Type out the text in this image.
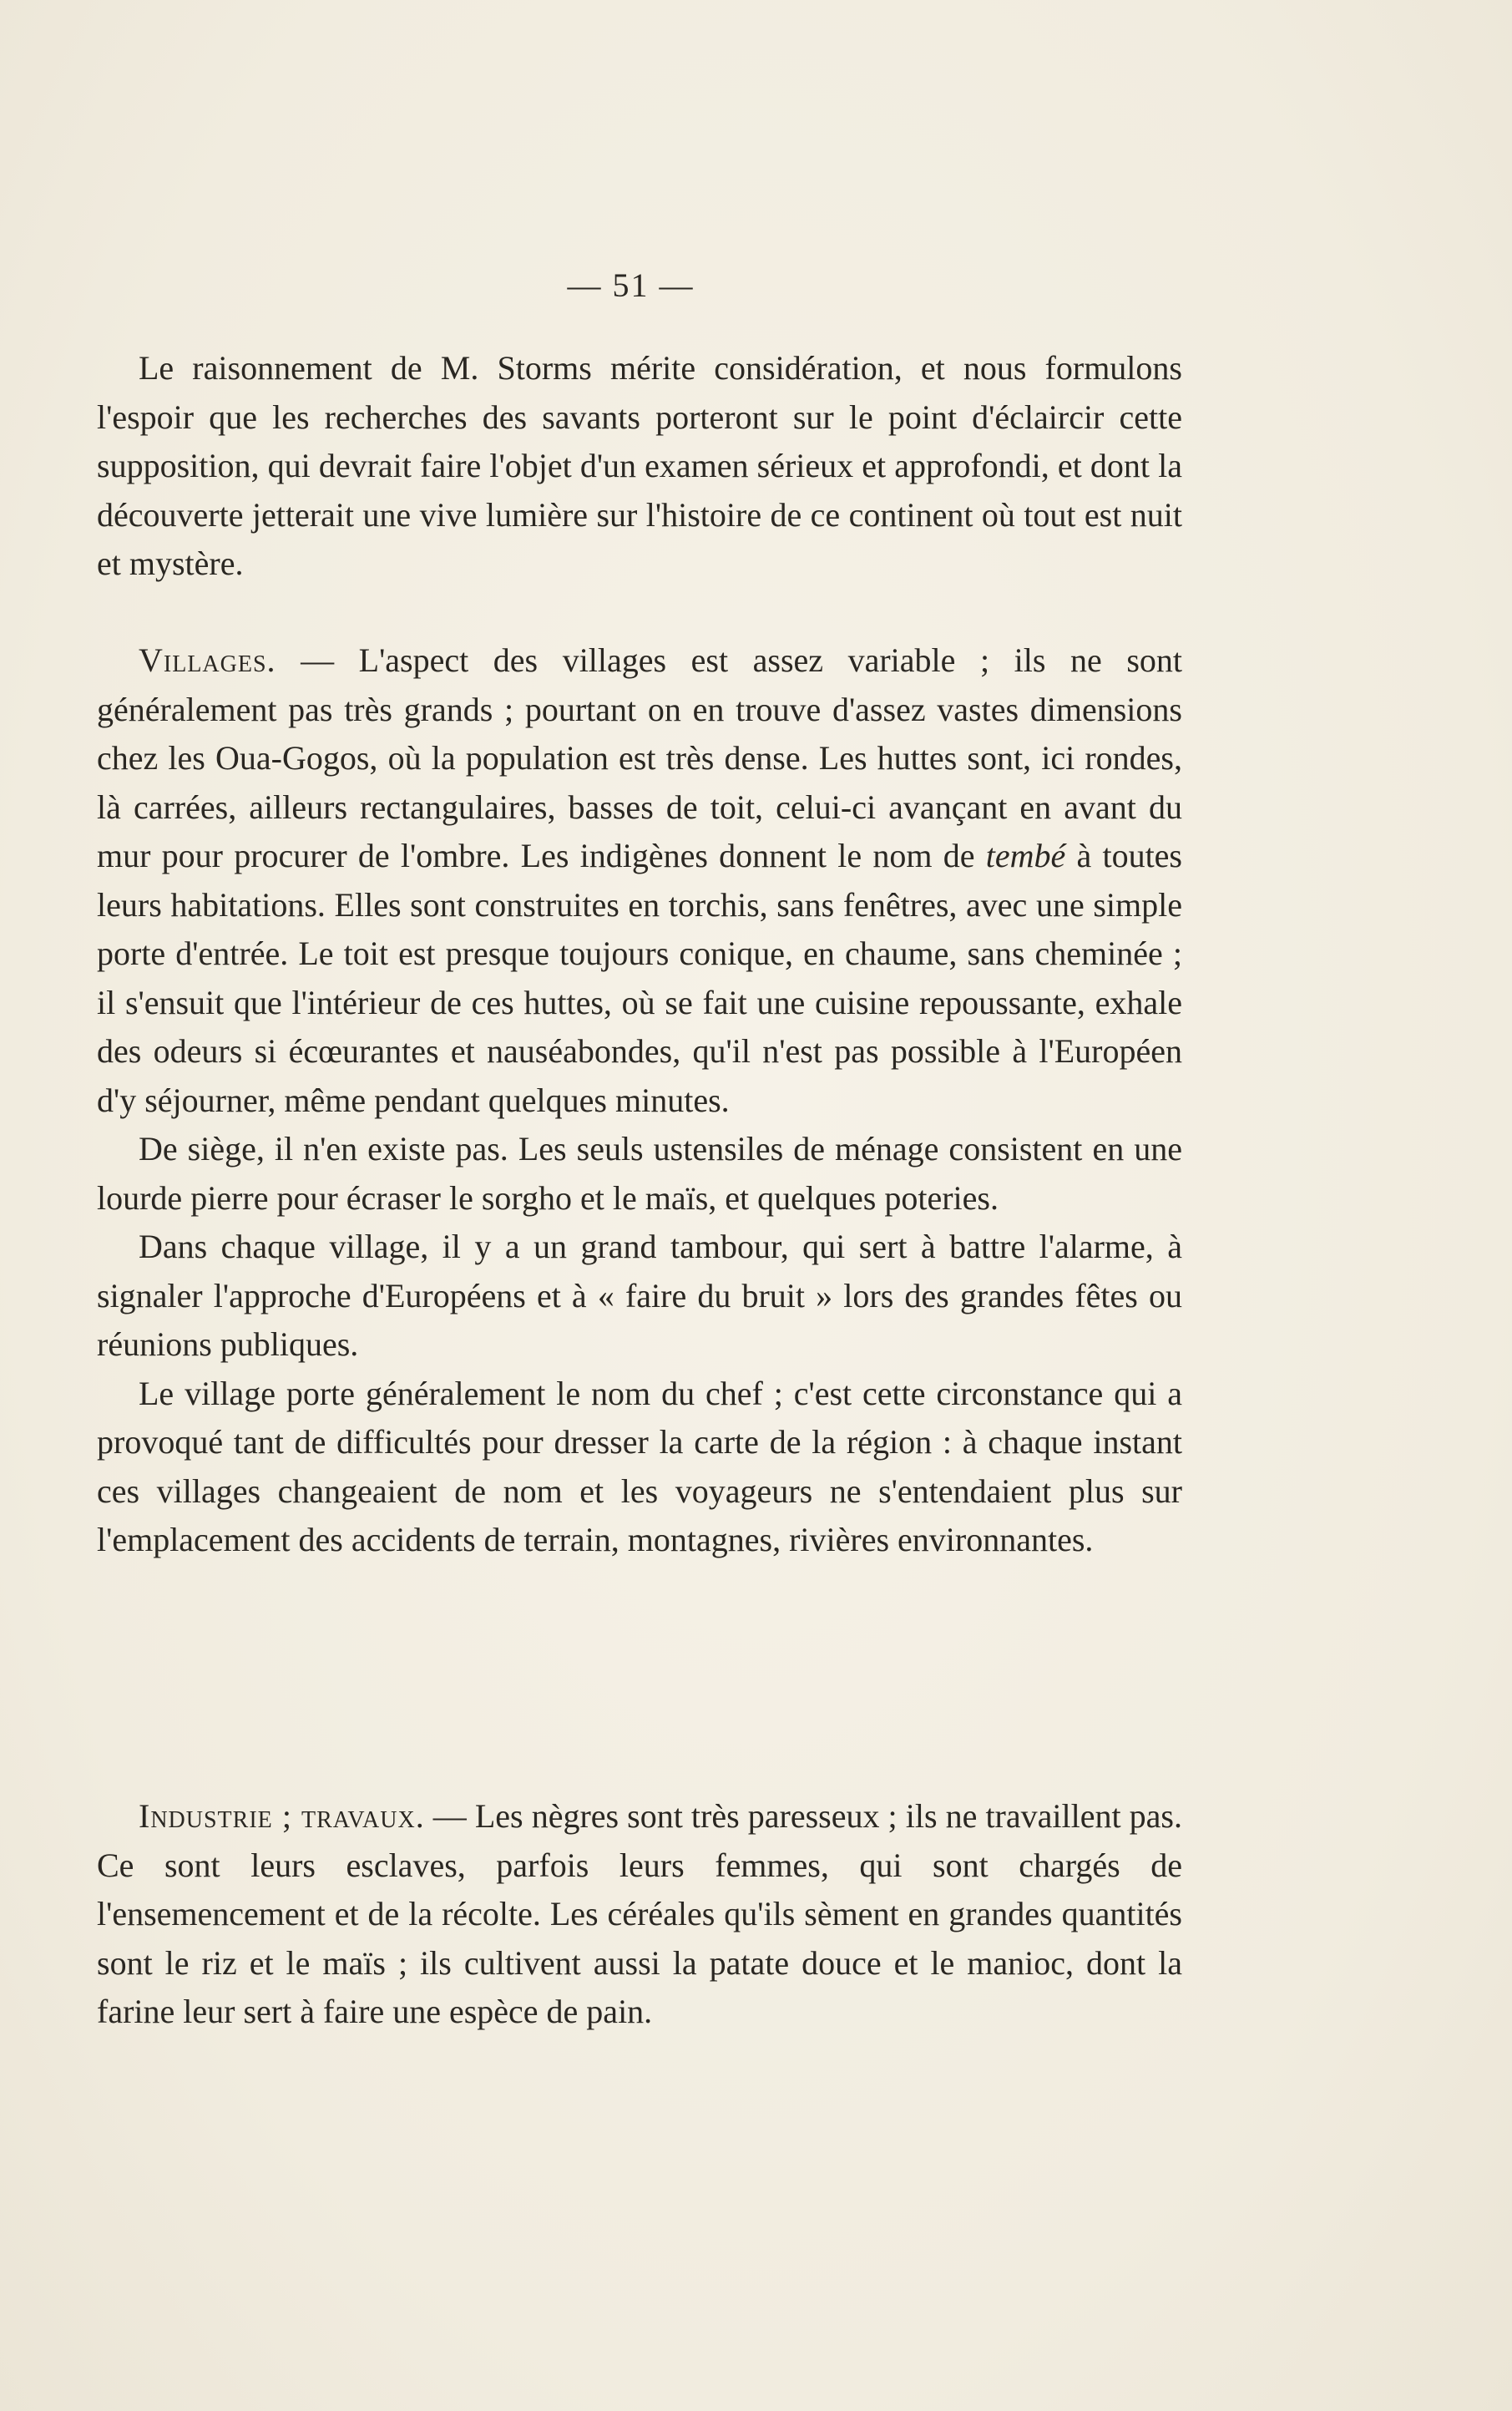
— 51 —

Le raisonnement de M. Storms mérite considération, et nous formulons l'espoir que les recherches des savants porteront sur le point d'éclaircir cette supposition, qui devrait faire l'objet d'un examen sérieux et approfondi, et dont la découverte jetterait une vive lumière sur l'histoire de ce continent où tout est nuit et mystère.

Villages. — L'aspect des villages est assez variable ; ils ne sont généralement pas très grands ; pourtant on en trouve d'assez vastes dimensions chez les Oua-Gogos, où la population est très dense. Les huttes sont, ici rondes, là carrées, ailleurs rectangulaires, basses de toit, celui-ci avançant en avant du mur pour procurer de l'ombre. Les indigènes donnent le nom de tembé à toutes leurs habitations. Elles sont construites en torchis, sans fenêtres, avec une simple porte d'entrée. Le toit est presque toujours conique, en chaume, sans cheminée ; il s'ensuit que l'intérieur de ces huttes, où se fait une cuisine repoussante, exhale des odeurs si écœurantes et nauséabondes, qu'il n'est pas possible à l'Européen d'y séjourner, même pendant quelques minutes.

De siège, il n'en existe pas. Les seuls ustensiles de ménage consistent en une lourde pierre pour écraser le sorgho et le maïs, et quelques poteries.

Dans chaque village, il y a un grand tambour, qui sert à battre l'alarme, à signaler l'approche d'Européens et à « faire du bruit » lors des grandes fêtes ou réunions publiques.

Le village porte généralement le nom du chef ; c'est cette circonstance qui a provoqué tant de difficultés pour dresser la carte de la région : à chaque instant ces villages changeaient de nom et les voyageurs ne s'entendaient plus sur l'emplacement des accidents de terrain, montagnes, rivières environnantes.

Industrie ; travaux. — Les nègres sont très paresseux ; ils ne travaillent pas. Ce sont leurs esclaves, parfois leurs femmes, qui sont chargés de l'ensemencement et de la récolte. Les céréales qu'ils sèment en grandes quantités sont le riz et le maïs ; ils cultivent aussi la patate douce et le manioc, dont la farine leur sert à faire une espèce de pain.
